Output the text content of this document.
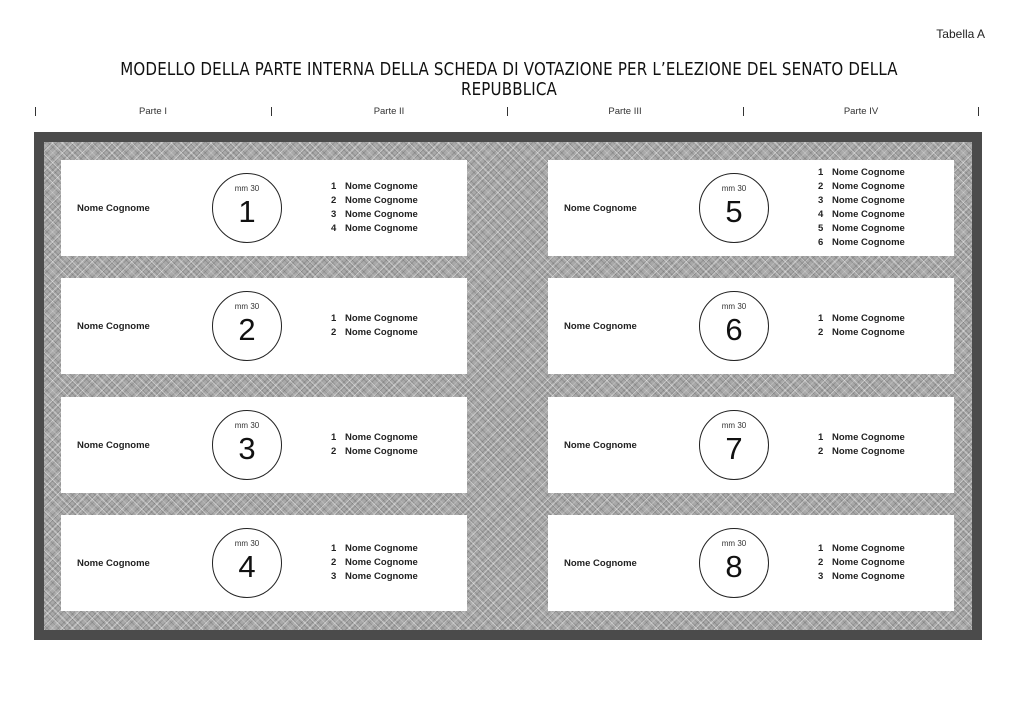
Tabella A
MODELLO DELLA PARTE INTERNA DELLA SCHEDA DI VOTAZIONE PER L’ELEZIONE DEL SENATO DELLA REPUBBLICA
Parte I	Parte II	Parte III	Parte IV
Nome Cognome
mm 30
1
1 Nome Cognome
2 Nome Cognome
3 Nome Cognome
4 Nome Cognome
Nome Cognome
mm 30
2	1 Nome Cognome
2 Nome Cognome
Nome Cognome
mm 30
3	1 Nome Cognome
2 Nome Cognome
Nome Cognome
mm 30
4
1 Nome Cognome
2 Nome Cognome
3 Nome Cognome
Nome Cognome
mm 30
5
1 Nome Cognome
2 Nome Cognome
3 Nome Cognome
4 Nome Cognome
5 Nome Cognome
6 Nome Cognome
Nome Cognome
mm 30
6	1 Nome Cognome
2 Nome Cognome
Nome Cognome
mm 30
7	1 Nome Cognome
2 Nome Cognome
Nome Cognome
mm 30
8
1 Nome Cognome
2 Nome Cognome
3 Nome Cognome
